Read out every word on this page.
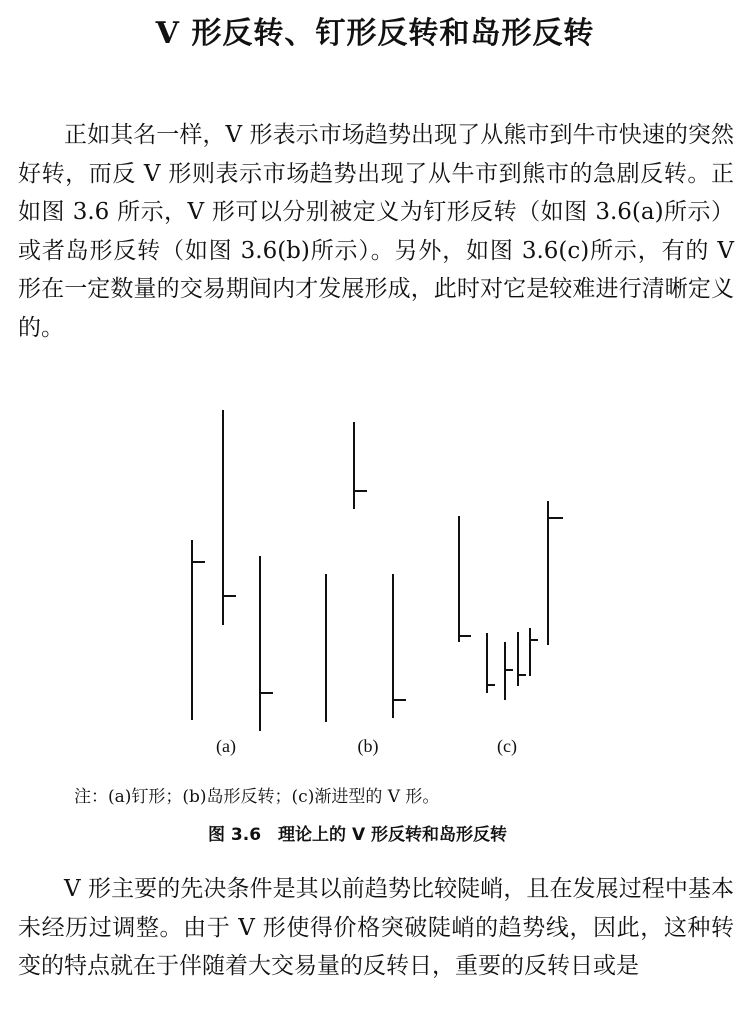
V 形反转、钉形反转和岛形反转
正如其名一样，V 形表示市场趋势出现了从熊市到牛市快速的突然好转，而反 V 形则表示市场趋势出现了从牛市到熊市的急剧反转。正如图 3.6 所示，V 形可以分别被定义为钉形反转（如图 3.6(a)所示）或者岛形反转（如图 3.6(b)所示）。另外，如图 3.6(c)所示，有的 V 形在一定数量的交易期间内才发展形成，此时对它是较难进行清晰定义的。
(a)	(b)	(c)
注：(a)钉形；(b)岛形反转；(c)渐进型的 V 形。
图 3.6　理论上的 V 形反转和岛形反转
V 形主要的先决条件是其以前趋势比较陡峭，且在发展过程中基本未经历过调整。由于 V 形使得价格突破陡峭的趋势线，因此，这种转变的特点就在于伴随着大交易量的反转日，重要的反转日或是
